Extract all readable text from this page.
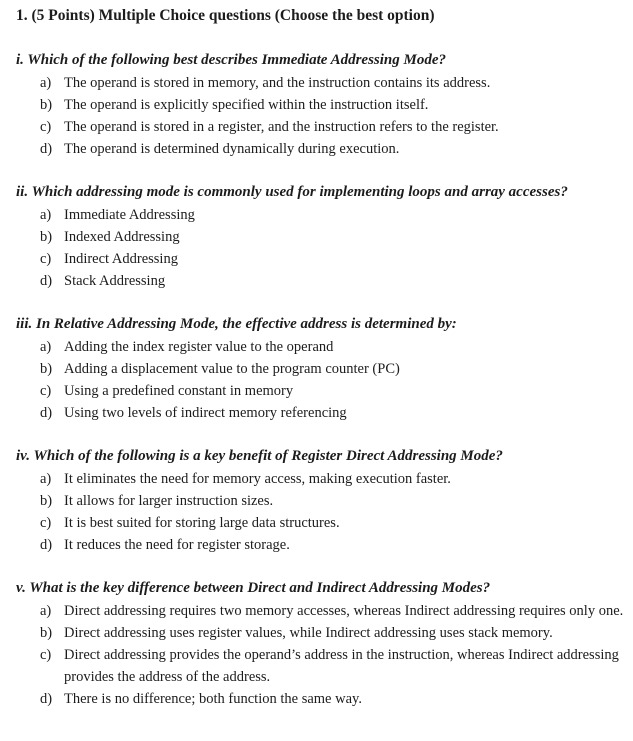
1. (5 Points) Multiple Choice questions (Choose the best option)
i. Which of the following best describes Immediate Addressing Mode?
a) The operand is stored in memory, and the instruction contains its address.
b) The operand is explicitly specified within the instruction itself.
c) The operand is stored in a register, and the instruction refers to the register.
d) The operand is determined dynamically during execution.
ii. Which addressing mode is commonly used for implementing loops and array accesses?
a) Immediate Addressing
b) Indexed Addressing
c) Indirect Addressing
d) Stack Addressing
iii. In Relative Addressing Mode, the effective address is determined by:
a) Adding the index register value to the operand
b) Adding a displacement value to the program counter (PC)
c) Using a predefined constant in memory
d) Using two levels of indirect memory referencing
iv. Which of the following is a key benefit of Register Direct Addressing Mode?
a) It eliminates the need for memory access, making execution faster.
b) It allows for larger instruction sizes.
c) It is best suited for storing large data structures.
d) It reduces the need for register storage.
v. What is the key difference between Direct and Indirect Addressing Modes?
a) Direct addressing requires two memory accesses, whereas Indirect addressing requires only one.
b) Direct addressing uses register values, while Indirect addressing uses stack memory.
c) Direct addressing provides the operand’s address in the instruction, whereas Indirect addressing provides the address of the address.
d) There is no difference; both function the same way.
